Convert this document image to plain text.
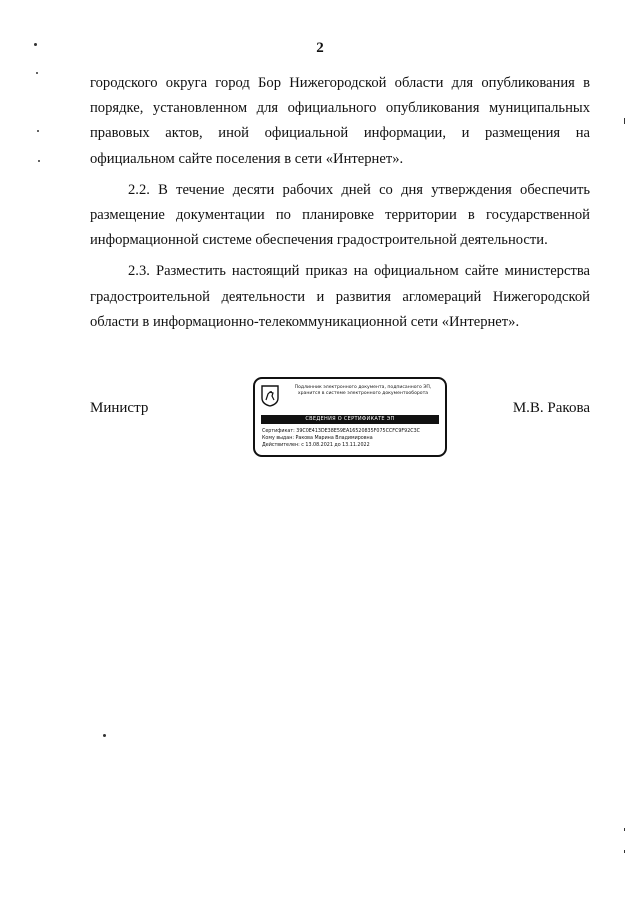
2

городского округа город Бор Нижегородской области для опубликования в порядке, установленном для официального опубликования муниципальных правовых актов, иной официальной информации, и размещения на официальном сайте поселения в сети «Интернет».

2.2. В течение десяти рабочих дней со дня утверждения обеспечить размещение документации по планировке территории в государственной информационной системе обеспечения градостроительной деятельности.

2.3. Разместить настоящий приказ на официальном сайте министерства градостроительной деятельности и развития агломераций Нижегородской области в информационно-телекоммуникационной сети «Интернет».

Министр
Подлинник электронного документа, подписанного ЭП, хранится в системе электронного документооборота
СВЕДЕНИЯ О СЕРТИФИКАТЕ ЭП
Сертификат: 39C0E413DE38E59EA16520835F075CCFC9F92C3C
Кому выдан: Ракова Марина Владимировна
Действителен: с 13.08.2021 до 13.11.2022
М.В. Ракова
